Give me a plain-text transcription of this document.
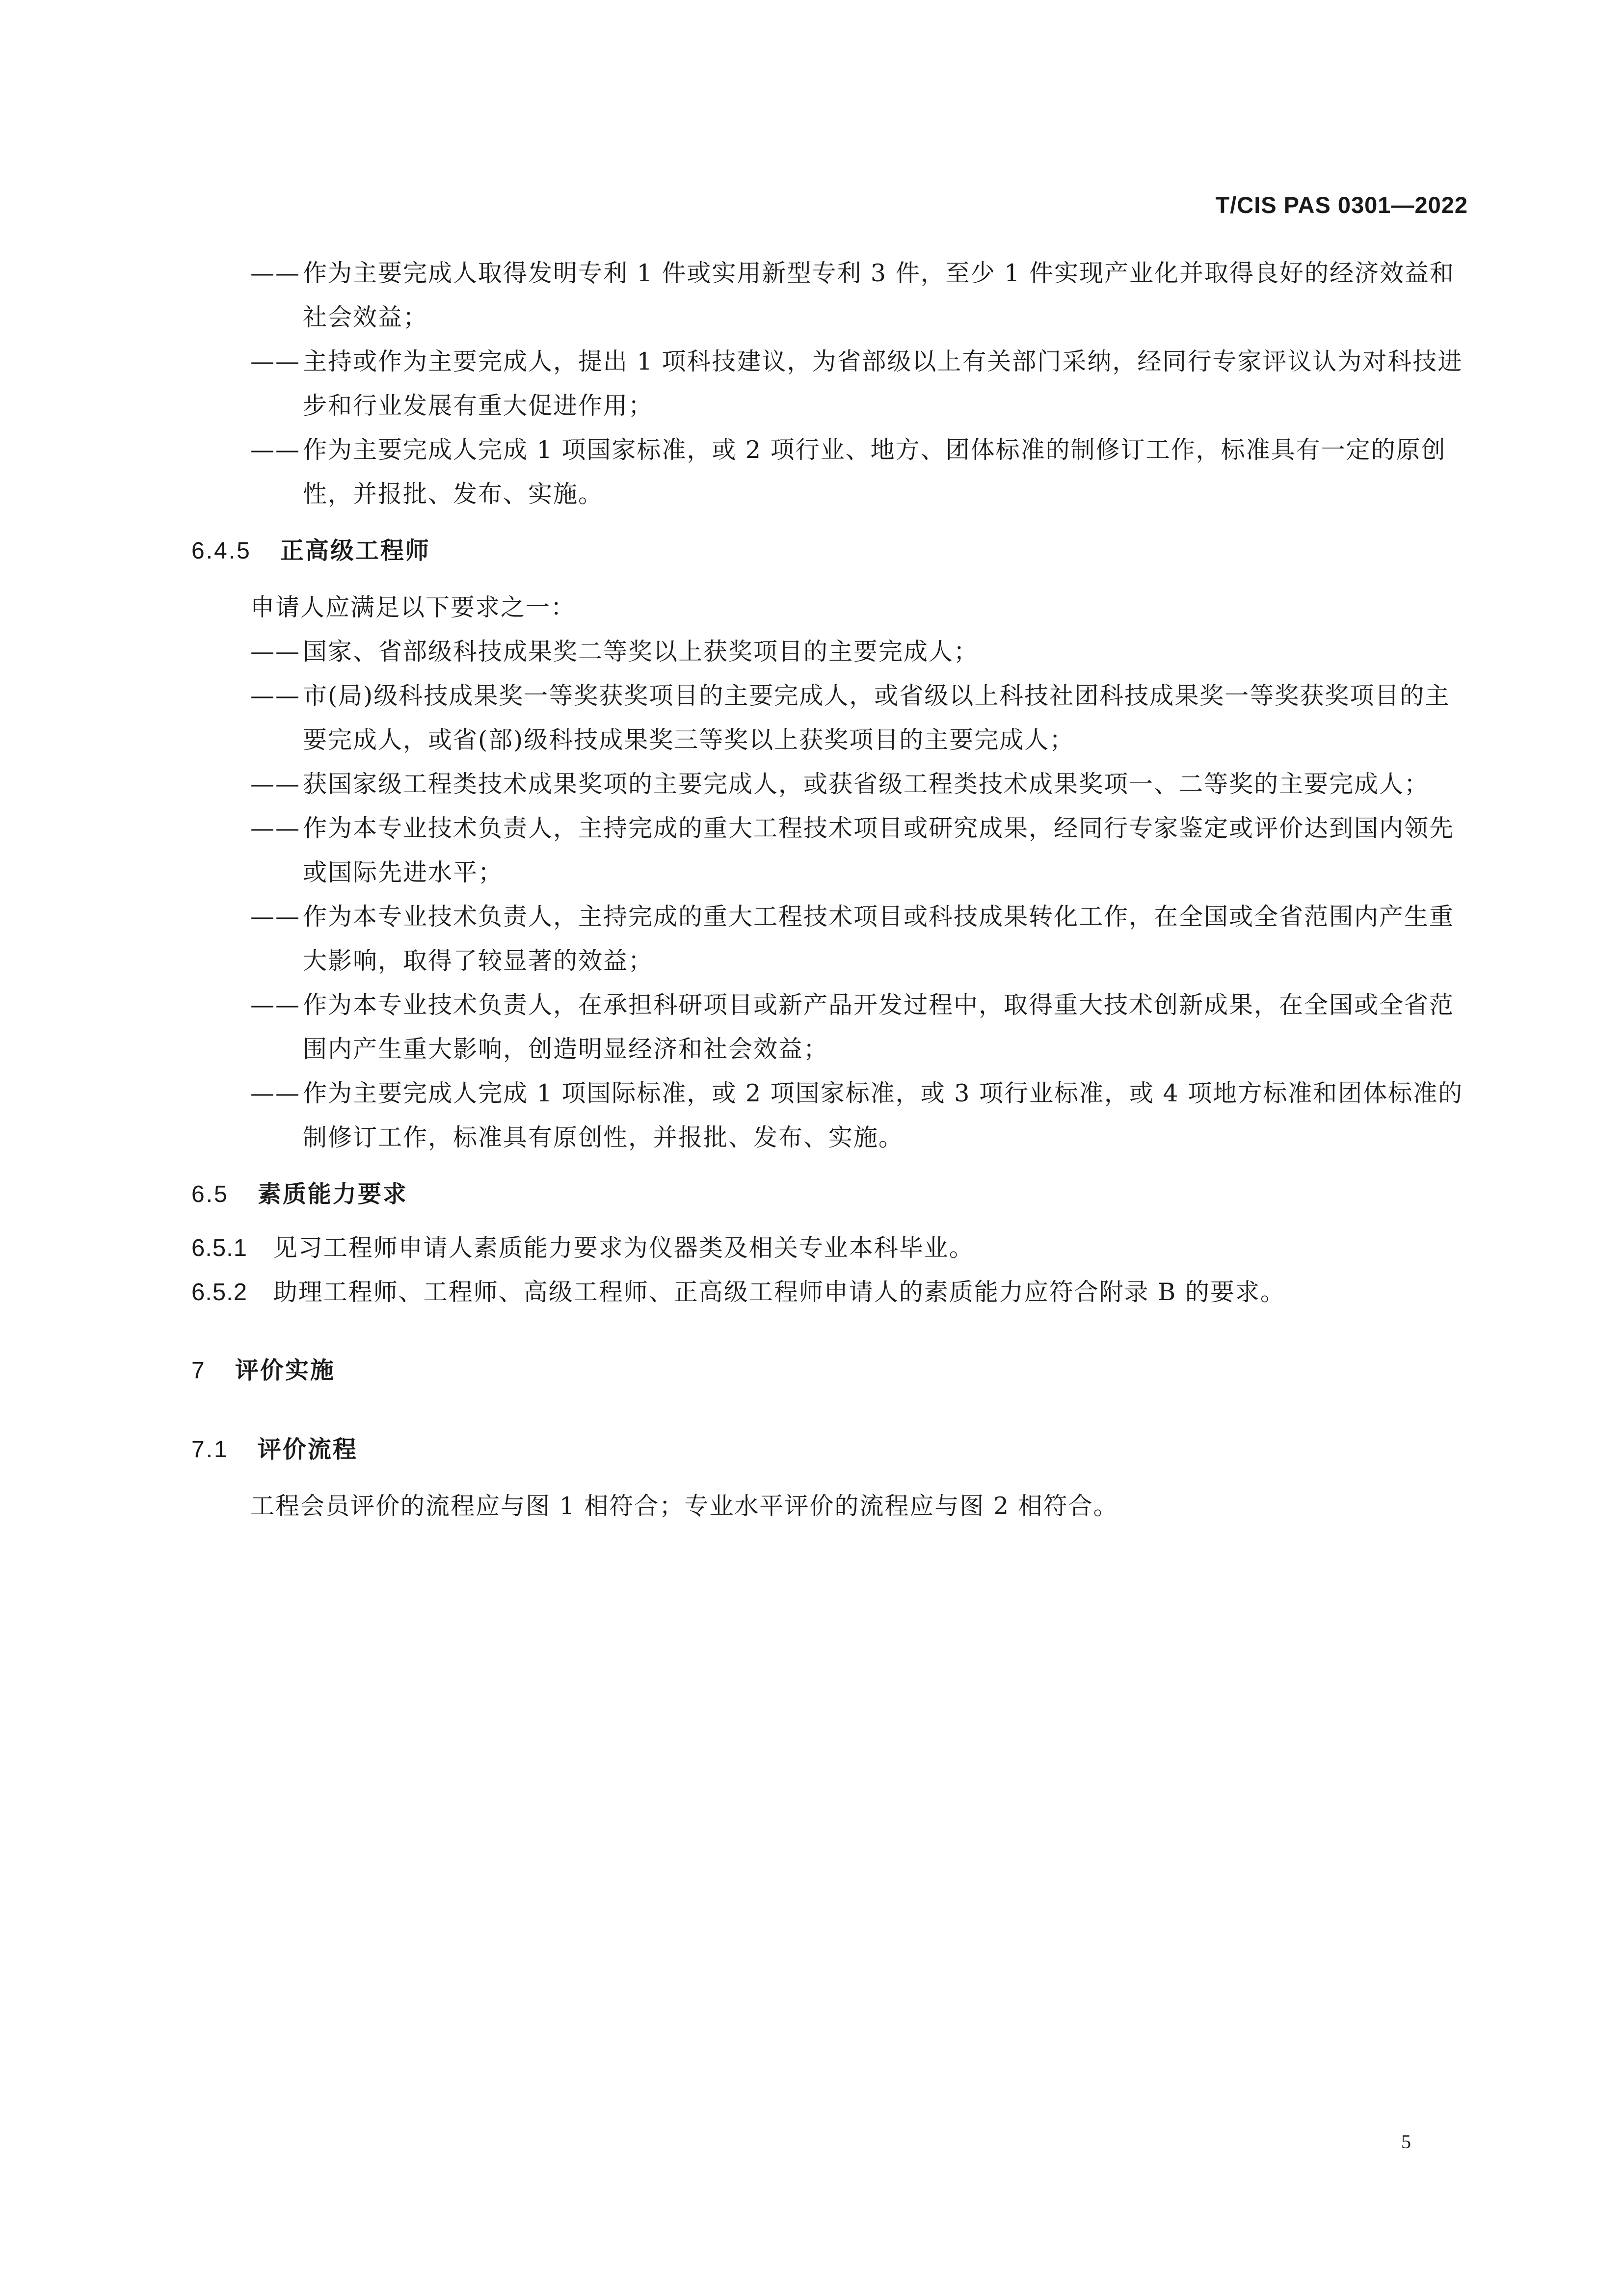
T/CIS PAS 0301—2022
—— 作为主要完成人取得发明专利 1 件或实用新型专利 3 件，至少 1 件实现产业化并取得良好的经济效益和社会效益；
—— 主持或作为主要完成人，提出 1 项科技建议，为省部级以上有关部门采纳，经同行专家评议认为对科技进步和行业发展有重大促进作用；
—— 作为主要完成人完成 1 项国家标准，或 2 项行业、地方、团体标准的制修订工作，标准具有一定的原创性，并报批、发布、实施。
6.4.5 正高级工程师
申请人应满足以下要求之一：
—— 国家、省部级科技成果奖二等奖以上获奖项目的主要完成人；
—— 市(局)级科技成果奖一等奖获奖项目的主要完成人，或省级以上科技社团科技成果奖一等奖获奖项目的主要完成人，或省(部)级科技成果奖三等奖以上获奖项目的主要完成人；
—— 获国家级工程类技术成果奖项的主要完成人，或获省级工程类技术成果奖项一、二等奖的主要完成人；
—— 作为本专业技术负责人，主持完成的重大工程技术项目或研究成果，经同行专家鉴定或评价达到国内领先或国际先进水平；
—— 作为本专业技术负责人，主持完成的重大工程技术项目或科技成果转化工作，在全国或全省范围内产生重大影响，取得了较显著的效益；
—— 作为本专业技术负责人，在承担科研项目或新产品开发过程中，取得重大技术创新成果，在全国或全省范围内产生重大影响，创造明显经济和社会效益；
—— 作为主要完成人完成 1 项国际标准，或 2 项国家标准，或 3 项行业标准，或 4 项地方标准和团体标准的制修订工作，标准具有原创性，并报批、发布、实施。
6.5 素质能力要求
6.5.1 见习工程师申请人素质能力要求为仪器类及相关专业本科毕业。
6.5.2 助理工程师、工程师、高级工程师、正高级工程师申请人的素质能力应符合附录 B 的要求。
7 评价实施
7.1 评价流程
工程会员评价的流程应与图 1 相符合；专业水平评价的流程应与图 2 相符合。
5
